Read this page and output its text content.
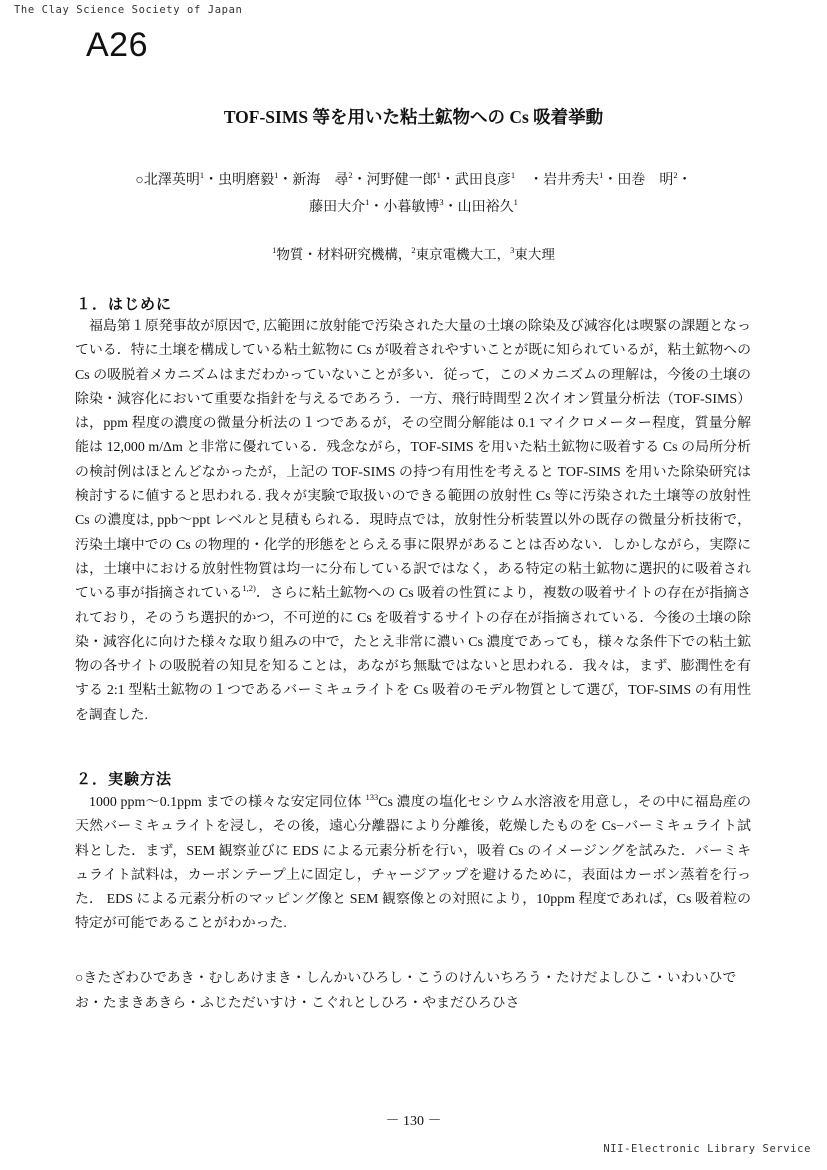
The Clay Science Society of Japan
A26
TOF-SIMS 等を用いた粘土鉱物への Cs 吸着挙動
○北澤英明$^1$・虫明磨毅$^1$・新海　尋$^2$・河野健一郎$^1$・武田良彦$^1$　・岩井秀夫$^1$・田巻　明$^2$・
藤田大介$^1$・小暮敏博$^3$・山田裕久$^1$
$^1$物質・材料研究機構，$^2$東京電機大工，$^3$東大理
１．はじめに
福島第１原発事故が原因で, 広範囲に放射能で汚染された大量の土壌の除染及び減容化は喫緊の課題となっている．特に土壌を構成している粘土鉱物に Cs が吸着されやすいことが既に知られているが，粘土鉱物への Cs の吸脱着メカニズムはまだわかっていないことが多い．従って，このメカニズムの理解は，今後の土壌の除染・減容化において重要な指針を与えるであろう．一方、飛行時間型２次イオン質量分析法（TOF-SIMS）は，ppm 程度の濃度の微量分析法の１つであるが，その空間分解能は 0.1 マイクロメーター程度，質量分解能は 12,000 m/Δm と非常に優れている．残念ながら，TOF-SIMS を用いた粘土鉱物に吸着する Cs の局所分析の検討例はほとんどなかったが，上記の TOF-SIMS の持つ有用性を考えると TOF-SIMS を用いた除染研究は検討するに値すると思われる. 我々が実験で取扱いのできる範囲の放射性 Cs 等に汚染された土壌等の放射性 Cs の濃度は, ppb～ppt レベルと見積もられる．現時点では，放射性分析装置以外の既存の微量分析技術で，汚染土壌中での Cs の物理的・化学的形態をとらえる事に限界があることは否めない．しかしながら，実際には，土壌中における放射性物質は均一に分布している訳ではなく，ある特定の粘土鉱物に選択的に吸着されている事が指摘されている$^{1,2)}$．さらに粘土鉱物への Cs 吸着の性質により，複数の吸着サイトの存在が指摘されており，そのうち選択的かつ，不可逆的に Cs を吸着するサイトの存在が指摘されている．今後の土壌の除染・減容化に向けた様々な取り組みの中で，たとえ非常に濃い Cs 濃度であっても，様々な条件下での粘土鉱物の各サイトの吸脱着の知見を知ることは，あながち無駄ではないと思われる．我々は，まず、膨潤性を有する 2:1 型粘土鉱物の１つであるバーミキュライトを Cs 吸着のモデル物質として選び，TOF-SIMS の有用性を調査した.
２．実験方法
1000 ppm～0.1ppm までの様々な安定同位体 $^{133}$Cs 濃度の塩化セシウム水溶液を用意し，その中に福島産の天然バーミキュライトを浸し，その後，遠心分離器により分離後，乾燥したものを Cs−バーミキュライト試料とした．まず，SEM 観察並びに EDS による元素分析を行い，吸着 Cs のイメージングを試みた．バーミキュライト試料は，カーボンテープ上に固定し，チャージアップを避けるために，表面はカーボン蒸着を行った． EDS による元素分析のマッピング像と SEM 観察像との対照により，10ppm 程度であれば，Cs 吸着粒の特定が可能であることがわかった.
○きたざわひであき・むしあけまき・しんかいひろし・こうのけんいちろう・たけだよしひこ・いわいひでお・たまきあきら・ふじただいすけ・こぐれとしひろ・やまだひろひさ
－ 130 －
NII-Electronic Library Service
